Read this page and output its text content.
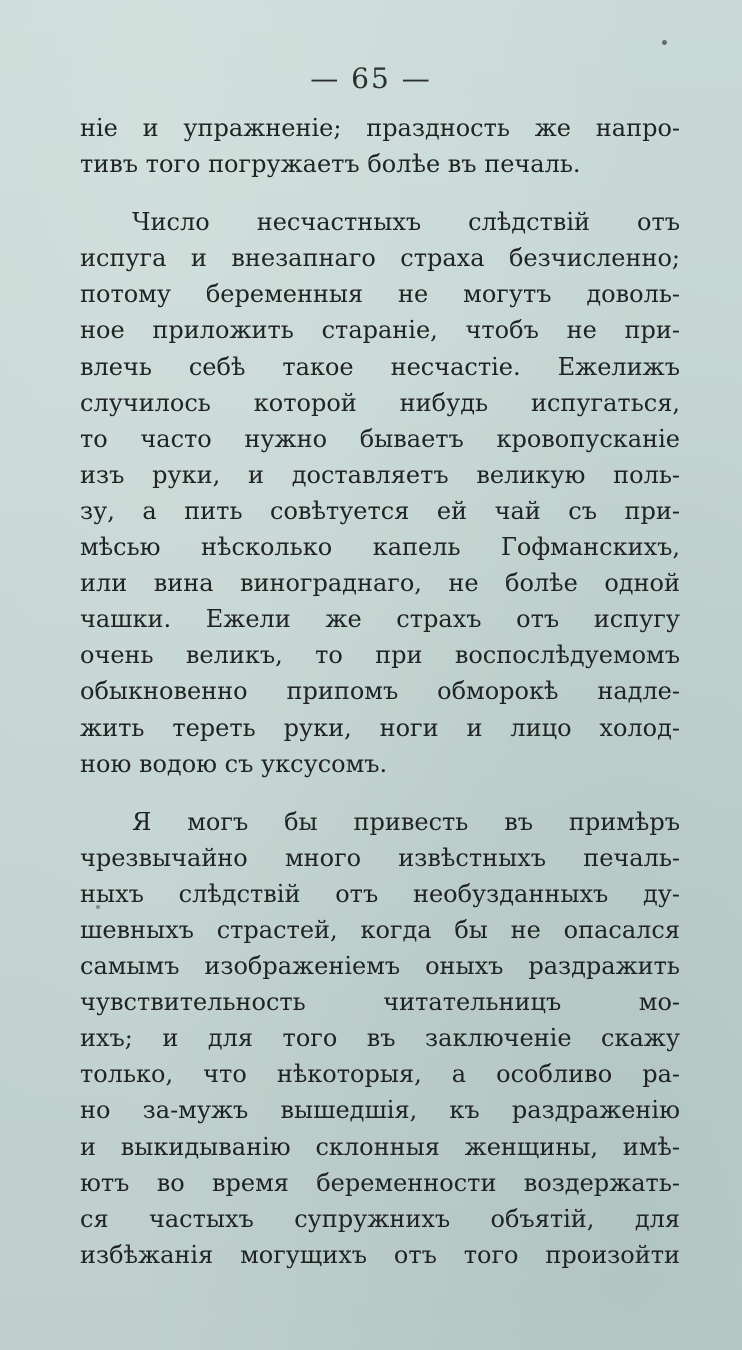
— 65 —
ніе и упражненіе; праздность же напро-
тивъ того погружаетъ болѣе въ печаль.
Число несчастныхъ слѣдствій отъ
испуга и внезапнаго страха безчисленно;
потому беременныя не могутъ доволь-
ное приложить стараніе, чтобъ не при-
влечь себѣ такое несчастіе. Ежелижъ
случилось которой нибудь испугаться,
то часто нужно бываетъ кровопусканіе
изъ руки, и доставляетъ великую поль-
зу, а пить совѣтуется ей чай съ при-
мѣсью нѣсколько капель Гофманскихъ,
или вина винограднаго, не болѣе одной
чашки. Ежели же страхъ отъ испугу
очень великъ, то при воспослѣдуемомъ
обыкновенно припомъ обморокѣ надле-
жить тереть руки, ноги и лицо холод-
ною водою съ уксусомъ.
Я могъ бы привесть въ примѣръ
чрезвычайно много извѣстныхъ печаль-
ныхъ слѣдствій отъ необузданныхъ ду-
шевныхъ страстей, когда бы не опасался
самымъ изображеніемъ оныхъ раздражить
чувствительность читательницъ мо-
ихъ; и для того въ заключеніе скажу
только, что нѣкоторыя, а особливо ра-
но за-мужъ вышедшія, къ раздраженію
и выкидыванію склонныя женщины, имѣ-
ютъ во время беременности воздержать-
ся частыхъ супружнихъ объятій, для
избѣжанія могущихъ отъ того произойти
